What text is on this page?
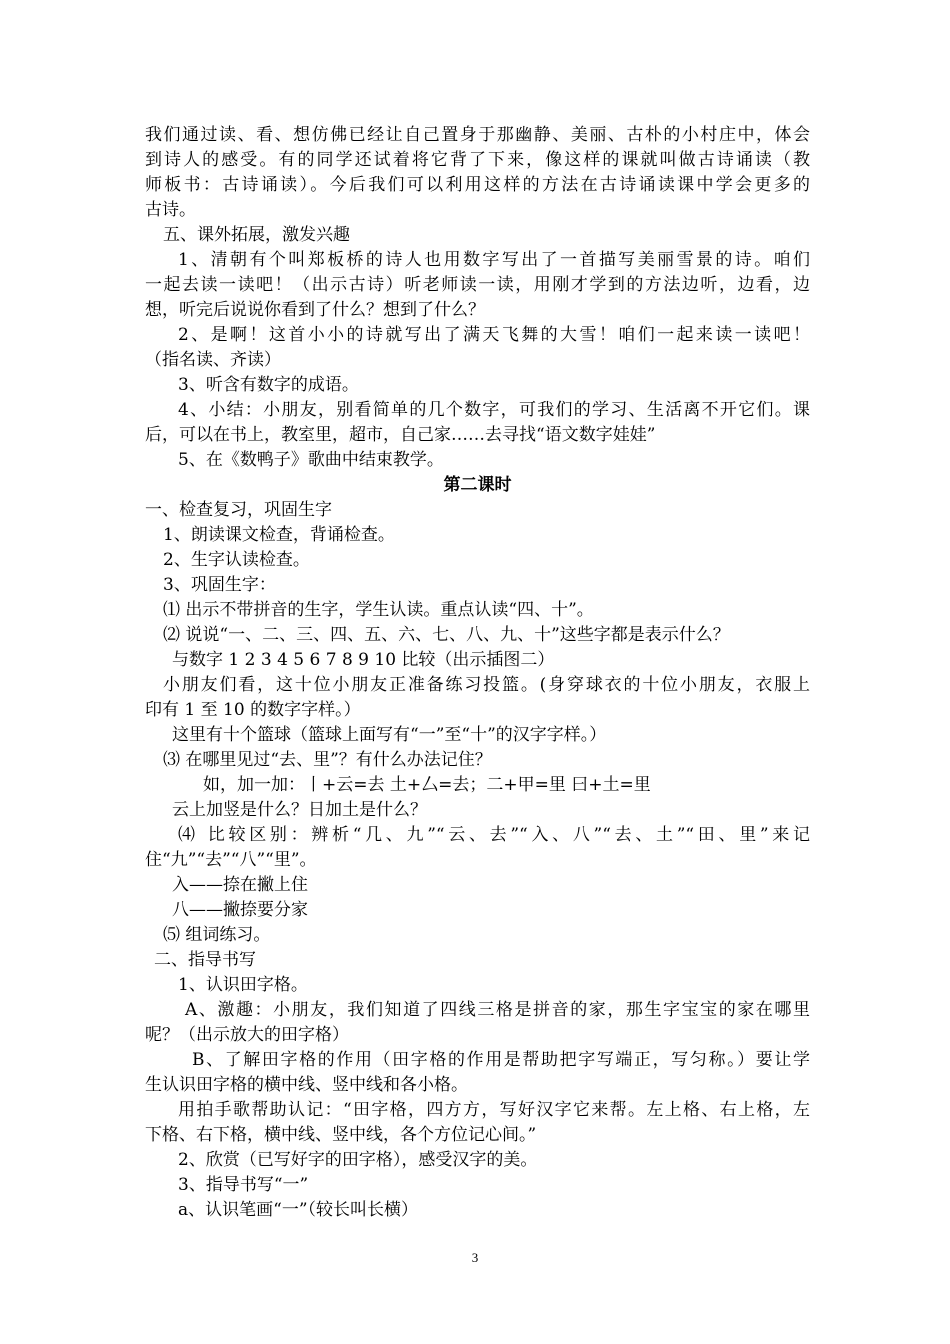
我们通过读、看、想仿佛已经让自己置身于那幽静、美丽、古朴的小村庄中，体会
到诗人的感受。有的同学还试着将它背了下来，像这样的课就叫做古诗诵读（教
师板书：古诗诵读）。今后我们可以利用这样的方法在古诗诵读课中学会更多的
古诗。
五、课外拓展，激发兴趣
1、清朝有个叫郑板桥的诗人也用数字写出了一首描写美丽雪景的诗。咱们
一起去读一读吧！（出示古诗）听老师读一读，用刚才学到的方法边听，边看，边
想，听完后说说你看到了什么？想到了什么？
2、是啊！这首小小的诗就写出了满天飞舞的大雪！咱们一起来读一读吧！
（指名读、齐读）
3、听含有数字的成语。
4、小结：小朋友，别看简单的几个数字，可我们的学习、生活离不开它们。课
后，可以在书上，教室里，超市，自己家……去寻找“语文数字娃娃”
5、在《数鸭子》歌曲中结束教学。
第二课时
一、检查复习，巩固生字
1、朗读课文检查，背诵检查。
2、生字认读检查。
3、巩固生字：
⑴ 出示不带拼音的生字，学生认读。重点认读“四、十”。
⑵ 说说“一、二、三、四、五、六、七、八、九、十”这些字都是表示什么？
与数字 1 2 3 4 5 6 7 8 9 10 比较（出示插图二）
小朋友们看，这十位小朋友正准备练习投篮。(身穿球衣的十位小朋友，衣服上
印有 1 至 10 的数字字样。）
这里有十个篮球（篮球上面写有“一”至“十”的汉字字样。）
⑶ 在哪里见过“去、里”？有什么办法记住？
如，加一加：丨+云=去 土+厶=去；二+甲=里 曰+土=里
云上加竖是什么？日加土是什么？
⑷ 比较区别：辨析“几、九”“云、去”“入、八”“去、土”“田、里”来记
住“九”“去”“八”“里”。
入——捺在撇上住
八——撇捺要分家
⑸ 组词练习。
二、指导书写
1、认识田字格。
A、激趣：小朋友，我们知道了四线三格是拼音的家，那生字宝宝的家在哪里
呢？（出示放大的田字格）
B、了解田字格的作用（田字格的作用是帮助把字写端正，写匀称。）要让学
生认识田字格的横中线、竖中线和各小格。
用拍手歌帮助认记：“田字格，四方方，写好汉字它来帮。左上格、右上格，左
下格、右下格，横中线、竖中线，各个方位记心间。”
2、欣赏（已写好字的田字格），感受汉字的美。
3、指导书写“一”
a、认识笔画“一”（较长叫长横）
3
